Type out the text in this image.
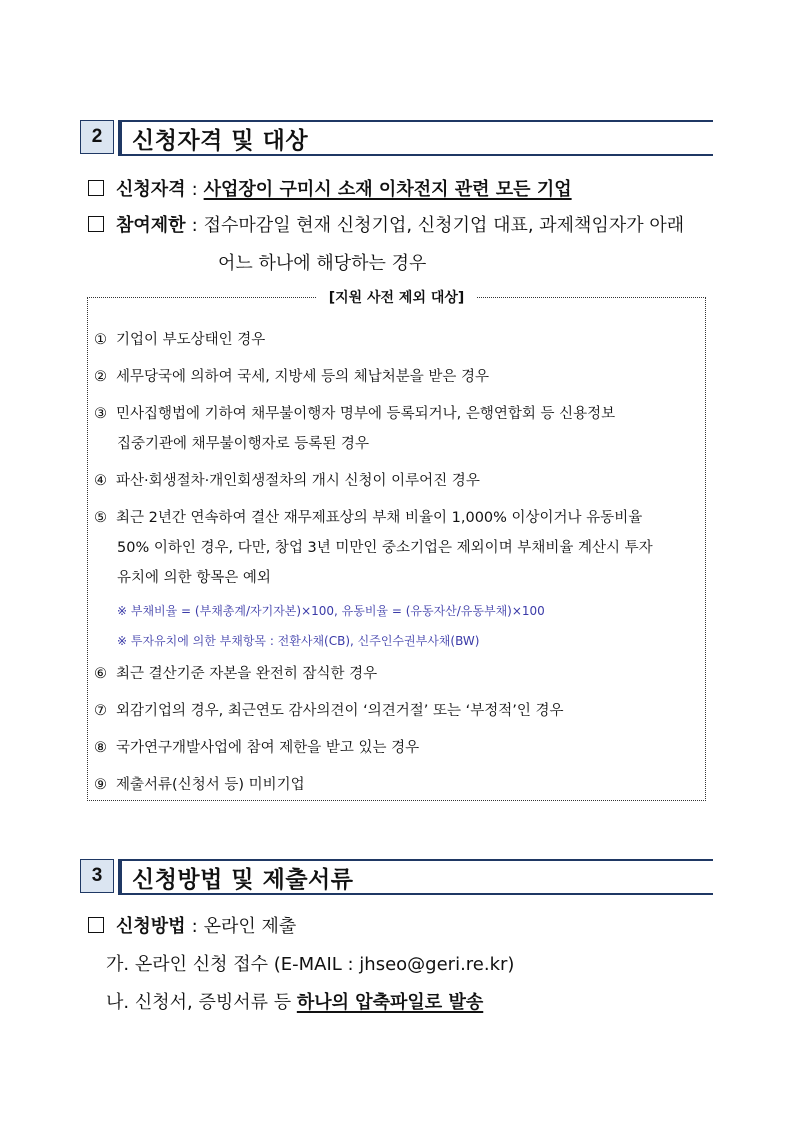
2	신청자격 및 대상
신청자격 : 사업장이 구미시 소재 이차전지 관련 모든 기업
참여제한 : 접수마감일 현재 신청기업, 신청기업 대표, 과제책임자가 아래
어느 하나에 해당하는 경우
[지원 사전 제외 대상]
① 기업이 부도상태인 경우
② 세무당국에 의하여 국세, 지방세 등의 체납처분을 받은 경우
③ 민사집행법에 기하여 채무불이행자 명부에 등록되거나, 은행연합회 등 신용정보
집중기관에 채무불이행자로 등록된 경우
④ 파산·회생절차·개인회생절차의 개시 신청이 이루어진 경우
⑤ 최근 2년간 연속하여 결산 재무제표상의 부채 비율이 1,000% 이상이거나 유동비율
50% 이하인 경우, 다만, 창업 3년 미만인 중소기업은 제외이며 부채비율 계산시 투자
유치에 의한 항목은 예외
※ 부채비율 = (부채총계/자기자본)×100, 유동비율 = (유동자산/유동부채)×100
※ 투자유치에 의한 부채항목 : 전환사채(CB), 신주인수권부사채(BW)
⑥ 최근 결산기준 자본을 완전히 잠식한 경우
⑦ 외감기업의 경우, 최근연도 감사의견이 ‘의견거절’ 또는 ‘부정적’인 경우
⑧ 국가연구개발사업에 참여 제한을 받고 있는 경우
⑨ 제출서류(신청서 등) 미비기업
3	신청방법 및 제출서류
신청방법 : 온라인 제출
가. 온라인 신청 접수 (E-MAIL : jhseo@geri.re.kr)
나. 신청서, 증빙서류 등 하나의 압축파일로 발송
